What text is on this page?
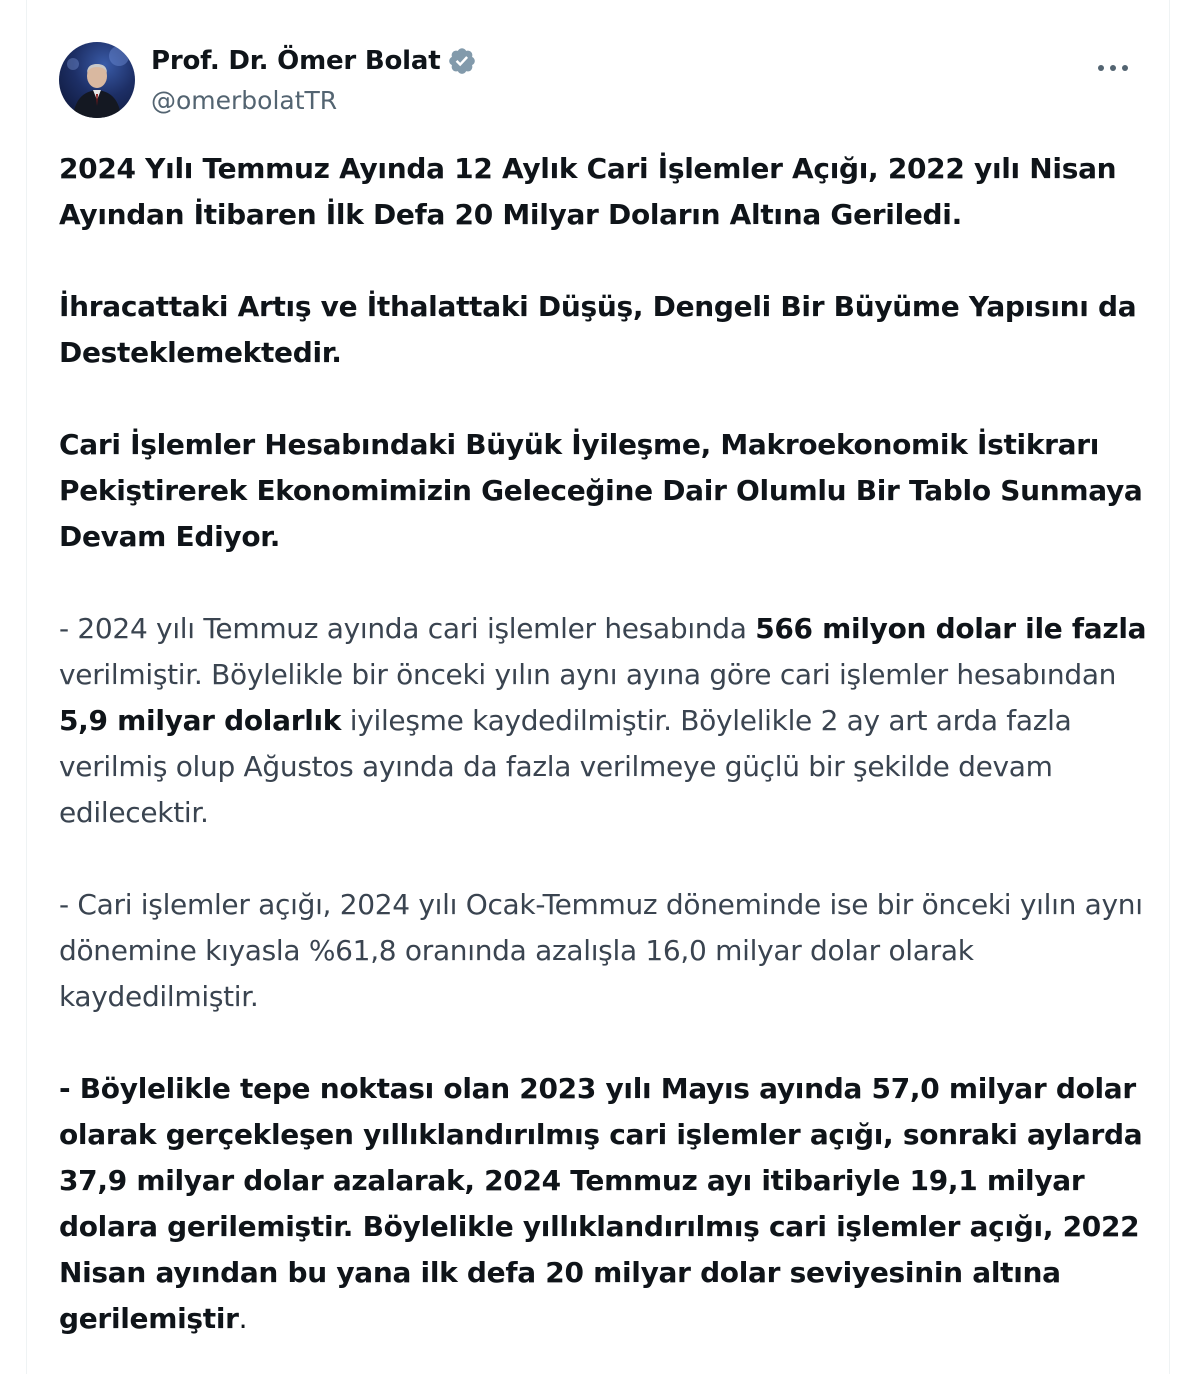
Prof. Dr. Ömer Bolat
@omerbolatTR

2024 Yılı Temmuz Ayında 12 Aylık Cari İşlemler Açığı, 2022 yılı Nisan Ayından İtibaren İlk Defa 20 Milyar Doların Altına Geriledi.

İhracattaki Artış ve İthalattaki Düşüş, Dengeli Bir Büyüme Yapısını da Desteklemektedir.

Cari İşlemler Hesabındaki Büyük İyileşme, Makroekonomik İstikrarı Pekiştirerek Ekonomimizin Geleceğine Dair Olumlu Bir Tablo Sunmaya Devam Ediyor.

- 2024 yılı Temmuz ayında cari işlemler hesabında 566 milyon dolar ile fazla verilmiştir. Böylelikle bir önceki yılın aynı ayına göre cari işlemler hesabından 5,9 milyar dolarlık iyileşme kaydedilmiştir. Böylelikle 2 ay art arda fazla verilmiş olup Ağustos ayında da fazla verilmeye güçlü bir şekilde devam edilecektir.

- Cari işlemler açığı, 2024 yılı Ocak-Temmuz döneminde ise bir önceki yılın aynı dönemine kıyasla %61,8 oranında azalışla 16,0 milyar dolar olarak kaydedilmiştir.

- Böylelikle tepe noktası olan 2023 yılı Mayıs ayında 57,0 milyar dolar olarak gerçekleşen yıllıklandırılmış cari işlemler açığı, sonraki aylarda 37,9 milyar dolar azalarak, 2024 Temmuz ayı itibariyle 19,1 milyar dolara gerilemiştir. Böylelikle yıllıklandırılmış cari işlemler açığı, 2022 Nisan ayından bu yana ilk defa 20 milyar dolar seviyesinin altına gerilemiştir.
